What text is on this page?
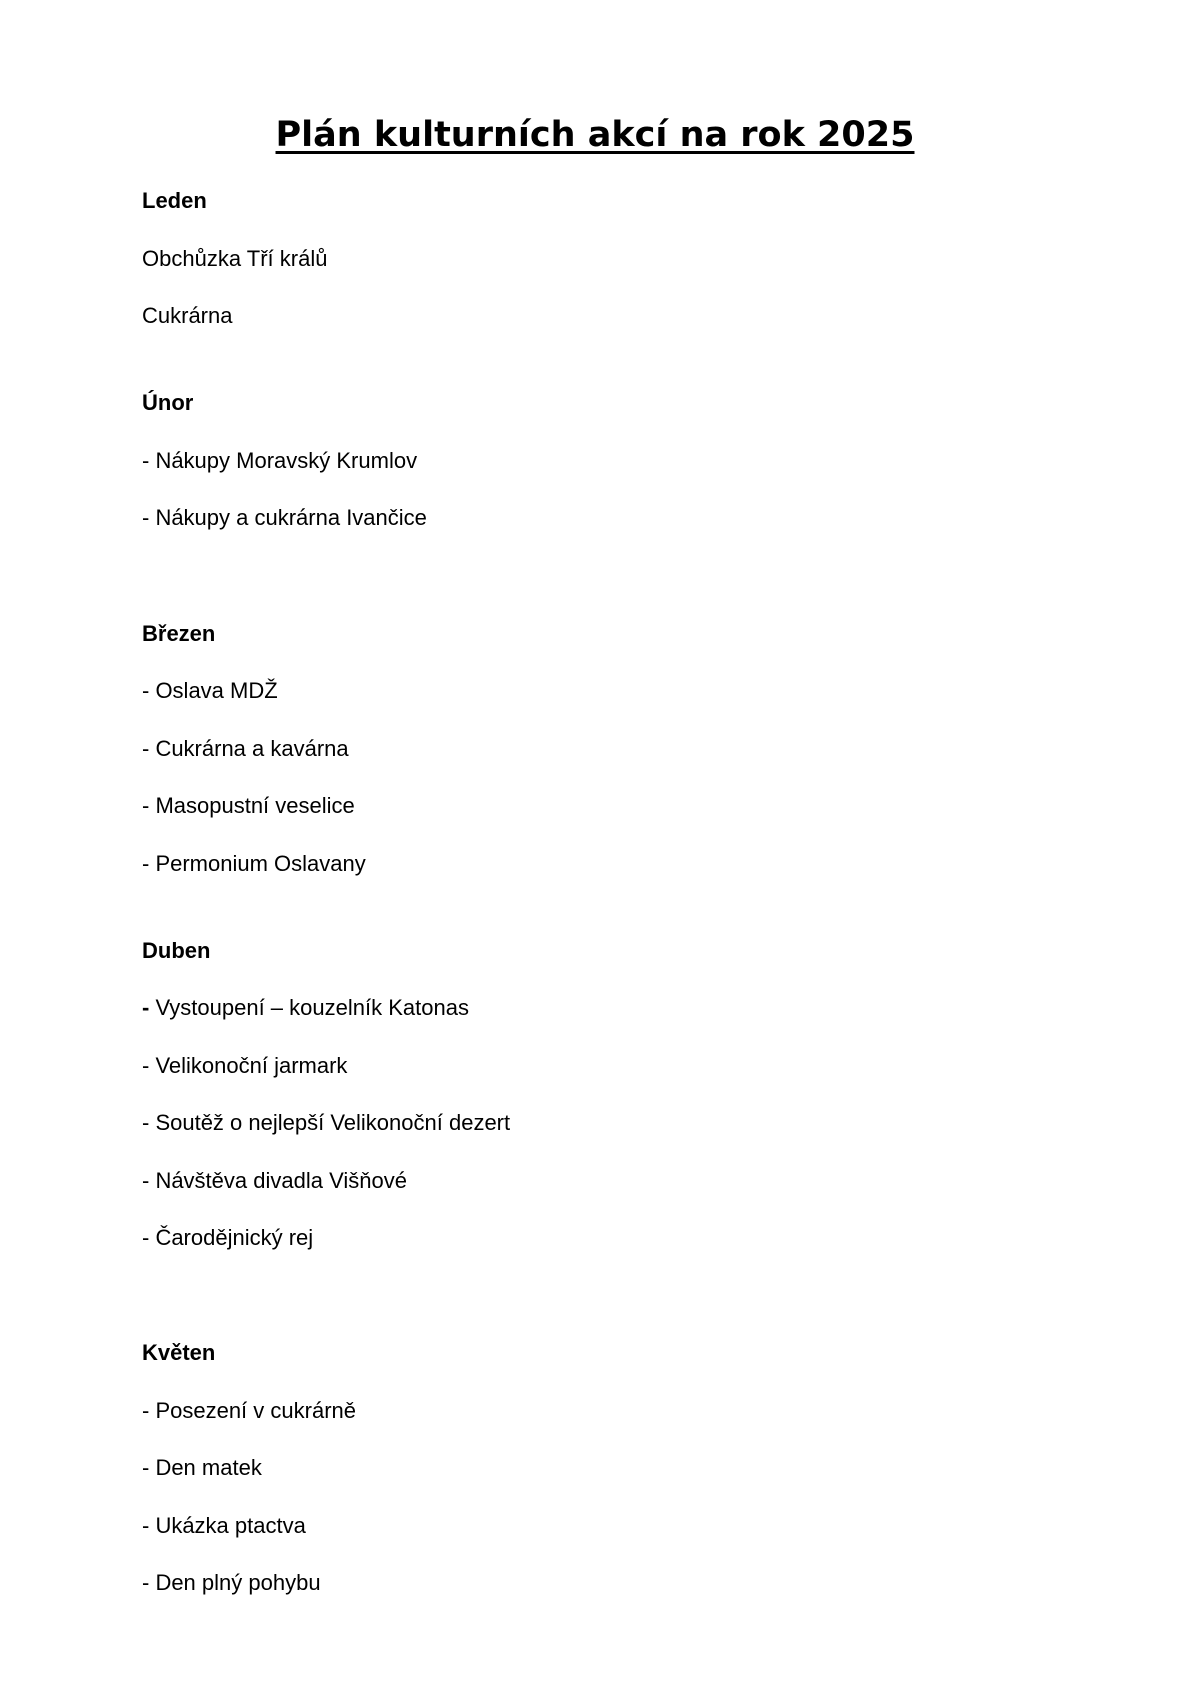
Plán kulturních akcí na rok 2025

Leden

Obchůzka Tří králů

Cukrárna

Únor

- Nákupy Moravský Krumlov

- Nákupy a cukrárna Ivančice

Březen

- Oslava MDŽ

- Cukrárna a kavárna

- Masopustní veselice

- Permonium Oslavany

Duben

- Vystoupení – kouzelník Katonas

- Velikonoční jarmark

- Soutěž o nejlepší Velikonoční dezert

- Návštěva divadla Višňové

- Čarodějnický rej

Květen

- Posezení v cukrárně

- Den matek

- Ukázka ptactva

- Den plný pohybu
